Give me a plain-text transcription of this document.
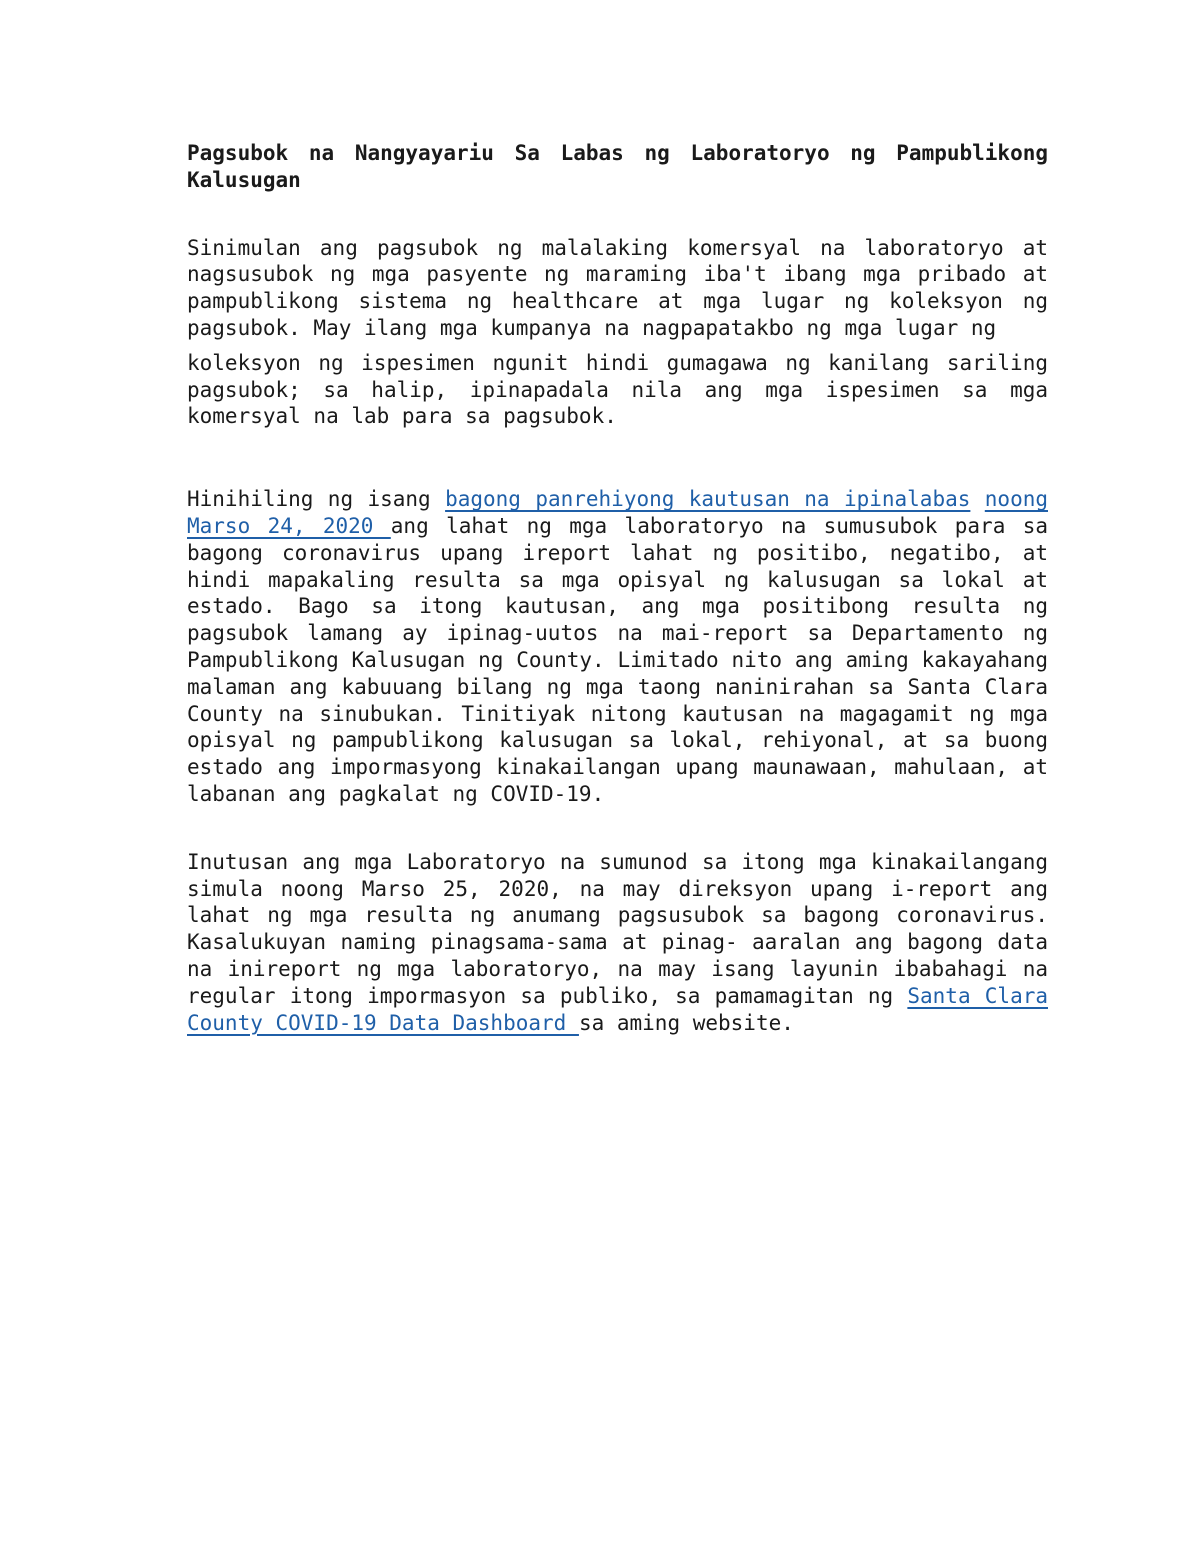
Pagsubok na Nangyayariu Sa Labas ng Laboratoryo ng Pampublikong Kalusugan

Sinimulan ang pagsubok ng malalaking komersyal na laboratoryo at nagsusubok ng mga pasyente ng maraming iba't ibang mga pribado at pampublikong sistema ng healthcare at mga lugar ng koleksyon ng pagsubok. May ilang mga kumpanya na nagpapatakbo ng mga lugar ng

koleksyon ng ispesimen ngunit hindi gumagawa ng kanilang sariling pagsubok; sa halip, ipinapadala nila ang mga ispesimen sa mga komersyal na lab para sa pagsubok.

Hinihiling ng isang bagong panrehiyong kautusan na ipinalabas noong Marso 24, 2020 ang lahat ng mga laboratoryo na sumusubok para sa bagong coronavirus upang ireport lahat ng positibo, negatibo, at hindi mapakaling resulta sa mga opisyal ng kalusugan sa lokal at estado. Bago sa itong kautusan, ang mga positibong resulta ng pagsubok lamang ay ipinag-uutos na mai-report sa Departamento ng Pampublikong Kalusugan ng County. Limitado nito ang aming kakayahang malaman ang kabuuang bilang ng mga taong naninirahan sa Santa Clara County na sinubukan. Tinitiyak nitong kautusan na magagamit ng mga opisyal ng pampublikong kalusugan sa lokal, rehiyonal, at sa buong estado ang impormasyong kinakailangan upang maunawaan, mahulaan, at labanan ang pagkalat ng COVID-19.

Inutusan ang mga Laboratoryo na sumunod sa itong mga kinakailangang simula noong Marso 25, 2020, na may direksyon upang i-report ang lahat ng mga resulta ng anumang pagsusubok sa bagong coronavirus. Kasalukuyan naming pinagsama-sama at pinag- aaralan ang bagong data na inireport ng mga laboratoryo, na may isang layunin ibabahagi na regular itong impormasyon sa publiko, sa pamamagitan ng Santa Clara County COVID-19 Data Dashboard sa aming website.
